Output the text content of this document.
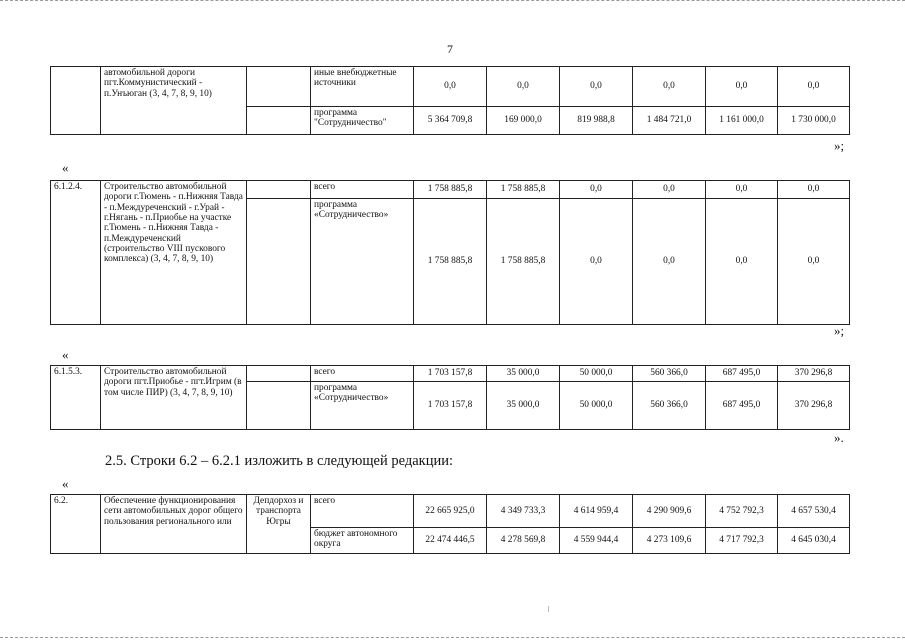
7
	автомобильной дороги пгт.Коммунистический - п.Унъюган (3, 4, 7, 8, 9, 10)		иные внебюджетные источники	0,0	0,0	0,0	0,0	0,0	0,0
			программа "Сотрудничество"	5 364 709,8	169 000,0	819 988,8	1 484 721,0	1 161 000,0	1 730 000,0
»;
«
6.1.2.4.	Строительство автомобильной дороги г.Тюмень - п.Нижняя Тавда - п.Междуреченский - г.Урай - г.Нягань - п.Приобье на участке г.Тюмень - п.Нижняя Тавда - п.Междуреченский (строительство VIII пускового комплекса) (3, 4, 7, 8, 9, 10)		всего	1 758 885,8	1 758 885,8	0,0	0,0	0,0	0,0
			программа «Сотрудничество»	1 758 885,8	1 758 885,8	0,0	0,0	0,0	0,0
»;
«
6.1.5.3.	Строительство автомобильной дороги пгт.Приобье - пгт.Игрим (в том числе ПИР) (3, 4, 7, 8, 9, 10)		всего	1 703 157,8	35 000,0	50 000,0	560 366,0	687 495,0	370 296,8
			программа «Сотрудничество»	1 703 157,8	35 000,0	50 000,0	560 366,0	687 495,0	370 296,8
».
2.5. Строки 6.2 – 6.2.1 изложить в следующей редакции:
«
6.2.	Обеспечение функционирования сети автомобильных дорог общего пользования регионального или	Депдорхоз и транспорта Югры	всего	22 665 925,0	4 349 733,3	4 614 959,4	4 290 909,6	4 752 792,3	4 657 530,4
			бюджет автономного округа	22 474 446,5	4 278 569,8	4 559 944,4	4 273 109,6	4 717 792,3	4 645 030,4
